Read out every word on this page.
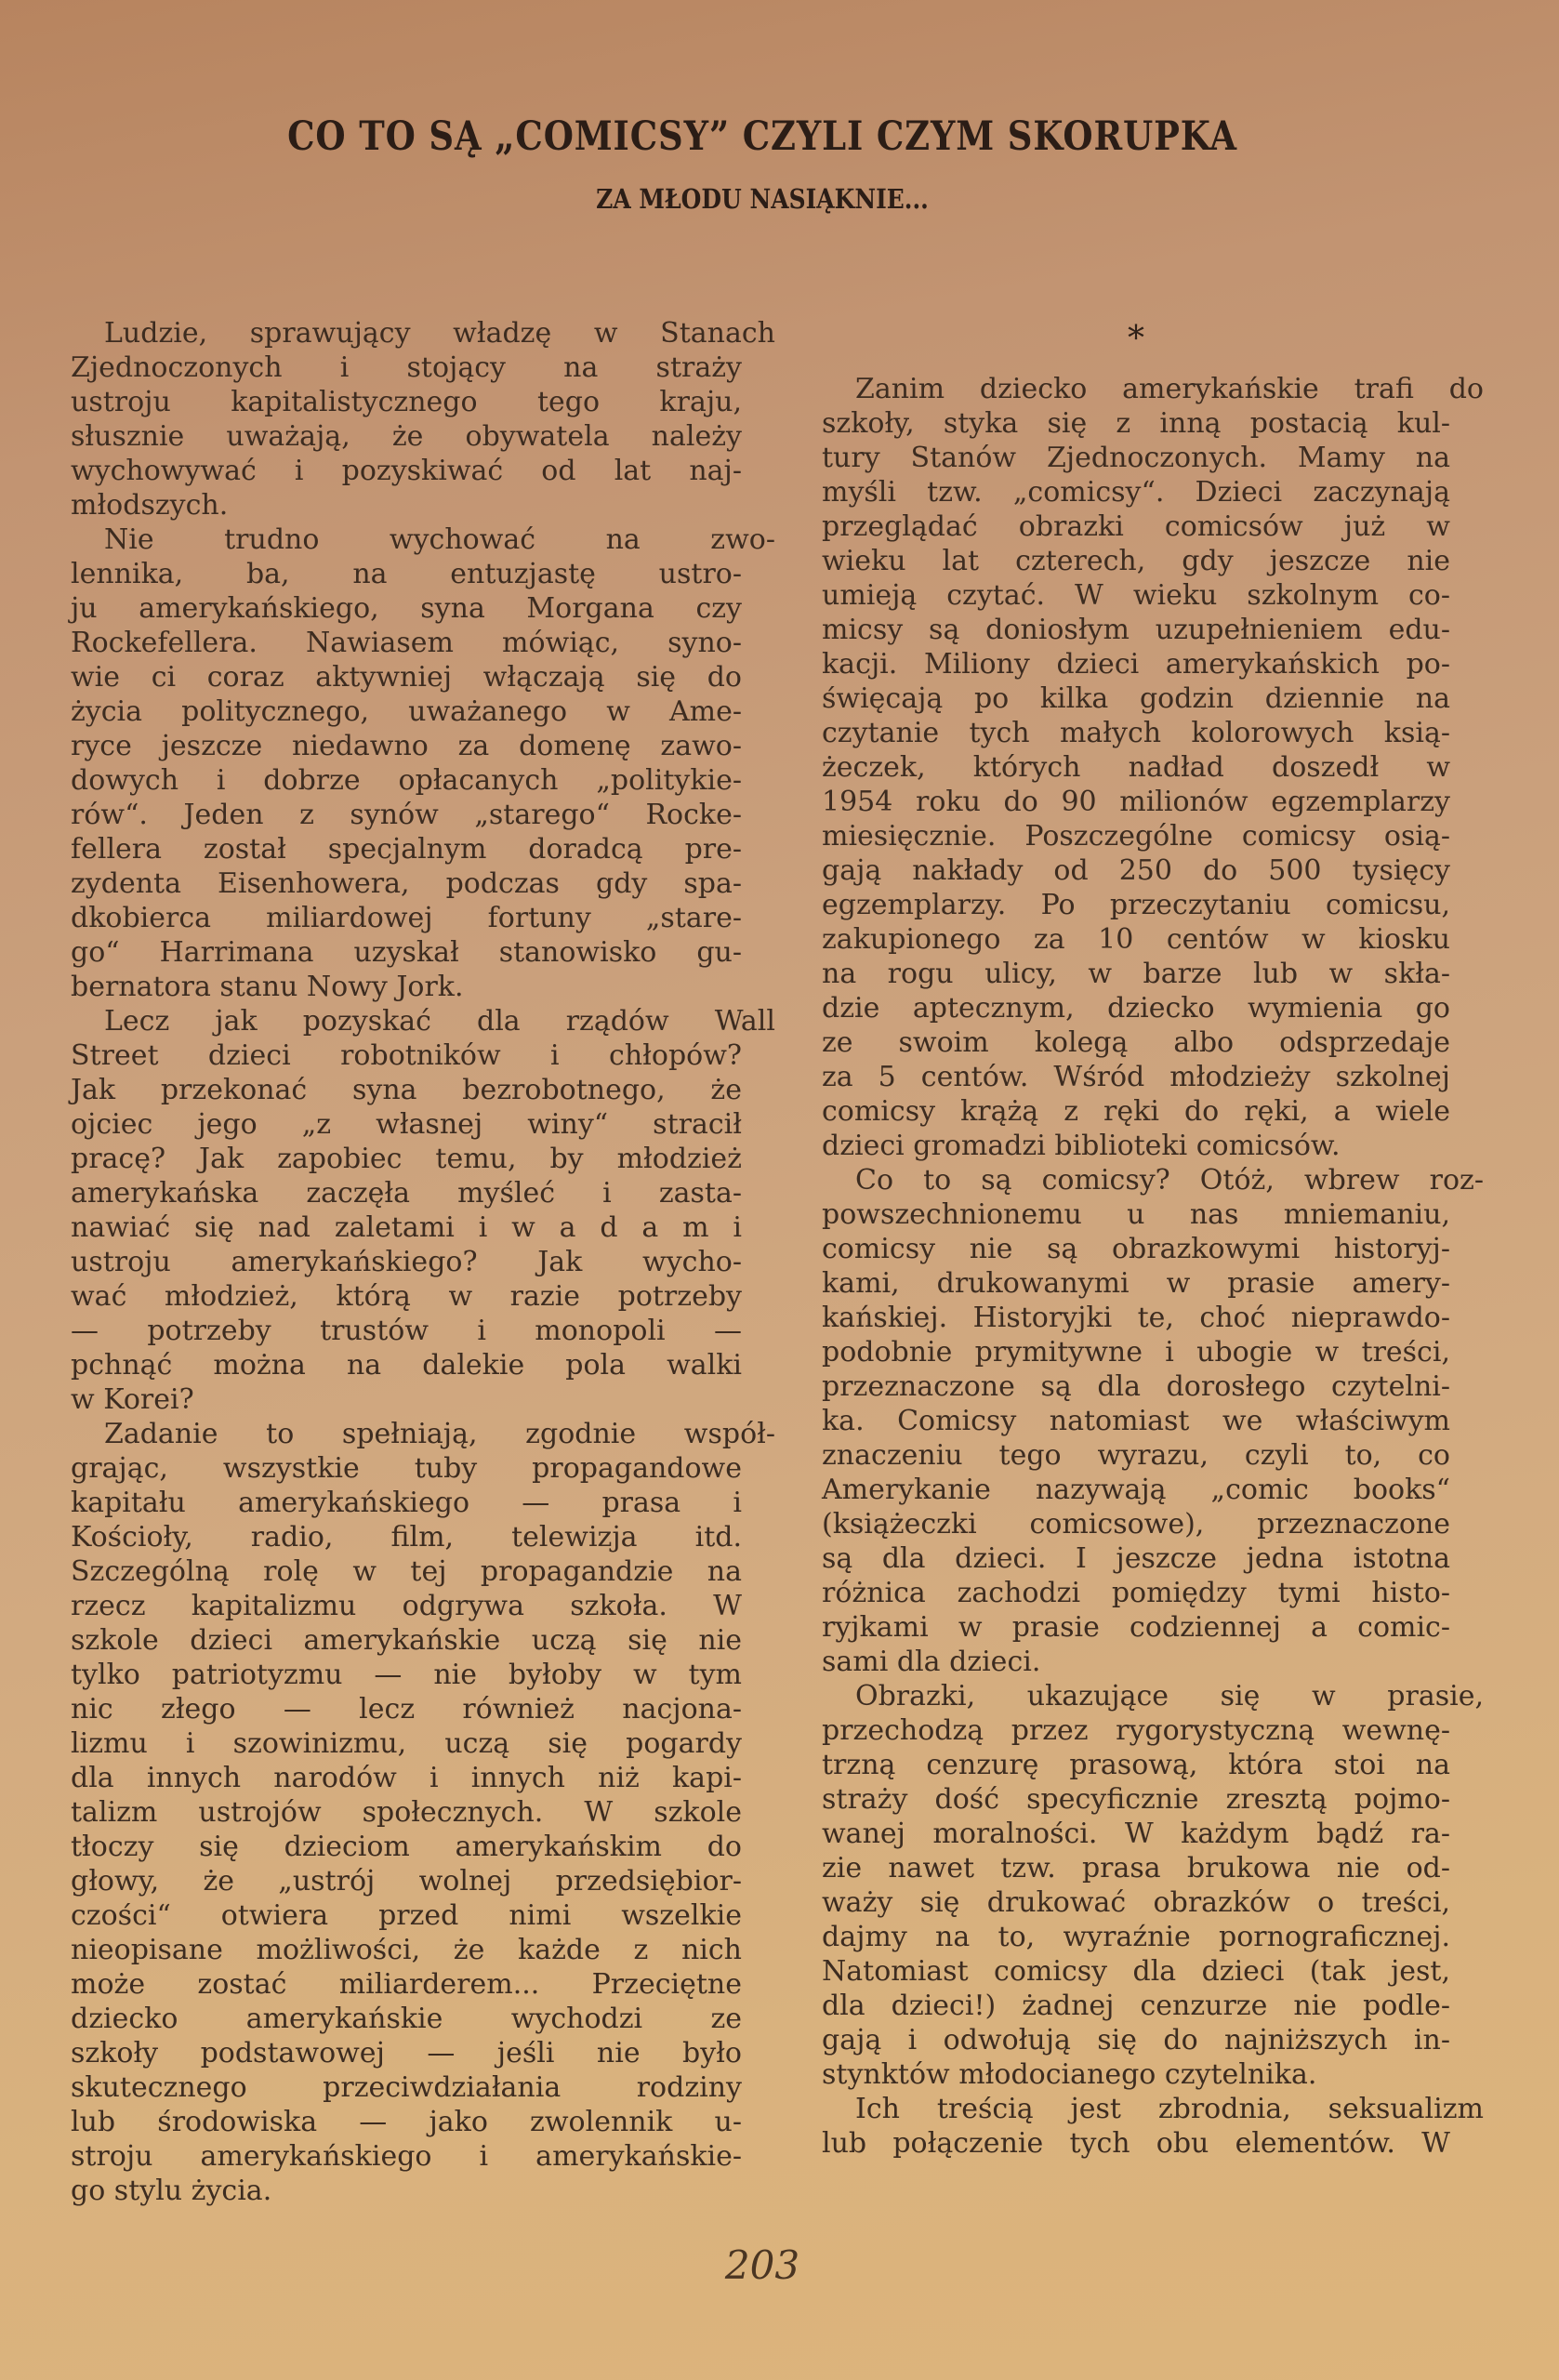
CO TO SĄ „COMICSY” CZYLI CZYM SKORUPKA
ZA MŁODU NASIĄKNIE...
Ludzie, sprawujący władzę w Stanach
Zjednoczonych i stojący na straży
ustroju kapitalistycznego tego kraju,
słusznie uważają, że obywatela należy
wychowywać i pozyskiwać od lat naj-
młodszych.
Nie trudno wychować na zwo-
lennika, ba, na entuzjastę ustro-
ju amerykańskiego, syna Morgana czy
Rockefellera. Nawiasem mówiąc, syno-
wie ci coraz aktywniej włączają się do
życia politycznego, uważanego w Ame-
ryce jeszcze niedawno za domenę zawo-
dowych i dobrze opłacanych „politykie-
rów“. Jeden z synów „starego“ Rocke-
fellera został specjalnym doradcą pre-
zydenta Eisenhowera, podczas gdy spa-
dkobierca miliardowej fortuny „stare-
go“ Harrimana uzyskał stanowisko gu-
bernatora stanu Nowy Jork.
Lecz jak pozyskać dla rządów Wall
Street dzieci robotników i chłopów?
Jak przekonać syna bezrobotnego, że
ojciec jego „z własnej winy“ stracił
pracę? Jak zapobiec temu, by młodzież
amerykańska zaczęła myśleć i zasta-
nawiać się nad zaletami i w a d a m i
ustroju amerykańskiego? Jak wycho-
wać młodzież, którą w razie potrzeby
— potrzeby trustów i monopoli —
pchnąć można na dalekie pola walki
w Korei?
Zadanie to spełniają, zgodnie współ-
grając, wszystkie tuby propagandowe
kapitału amerykańskiego — prasa i
Kościoły, radio, film, telewizja itd.
Szczególną rolę w tej propagandzie na
rzecz kapitalizmu odgrywa szkoła. W
szkole dzieci amerykańskie uczą się nie
tylko patriotyzmu — nie byłoby w tym
nic złego — lecz również nacjona-
lizmu i szowinizmu, uczą się pogardy
dla innych narodów i innych niż kapi-
talizm ustrojów społecznych. W szkole
tłoczy się dzieciom amerykańskim do
głowy, że „ustrój wolnej przedsiębior-
czości“ otwiera przed nimi wszelkie
nieopisane możliwości, że każde z nich
może zostać miliarderem... Przeciętne
dziecko amerykańskie wychodzi ze
szkoły podstawowej — jeśli nie było
skutecznego przeciwdziałania rodziny
lub środowiska — jako zwolennik u-
stroju amerykańskiego i amerykańskie-
go stylu życia.
*
Zanim dziecko amerykańskie trafi do
szkoły, styka się z inną postacią kul-
tury Stanów Zjednoczonych. Mamy na
myśli tzw. „comicsy“. Dzieci zaczynają
przeglądać obrazki comicsów już w
wieku lat czterech, gdy jeszcze nie
umieją czytać. W wieku szkolnym co-
micsy są doniosłym uzupełnieniem edu-
kacji. Miliony dzieci amerykańskich po-
święcają po kilka godzin dziennie na
czytanie tych małych kolorowych ksią-
żeczek, których nadład doszedł w
1954 roku do 90 milionów egzemplarzy
miesięcznie. Poszczególne comicsy osią-
gają nakłady od 250 do 500 tysięcy
egzemplarzy. Po przeczytaniu comicsu,
zakupionego za 10 centów w kiosku
na rogu ulicy, w barze lub w skła-
dzie aptecznym, dziecko wymienia go
ze swoim kolegą albo odsprzedaje
za 5 centów. Wśród młodzieży szkolnej
comicsy krążą z ręki do ręki, a wiele
dzieci gromadzi biblioteki comicsów.
Co to są comicsy? Otóż, wbrew roz-
powszechnionemu u nas mniemaniu,
comicsy nie są obrazkowymi historyj-
kami, drukowanymi w prasie amery-
kańskiej. Historyjki te, choć nieprawdo-
podobnie prymitywne i ubogie w treści,
przeznaczone są dla dorosłego czytelni-
ka. Comicsy natomiast we właściwym
znaczeniu tego wyrazu, czyli to, co
Amerykanie nazywają „comic books“
(książeczki comicsowe), przeznaczone
są dla dzieci. I jeszcze jedna istotna
różnica zachodzi pomiędzy tymi histo-
ryjkami w prasie codziennej a comic-
sami dla dzieci.
Obrazki, ukazujące się w prasie,
przechodzą przez rygorystyczną wewnę-
trzną cenzurę prasową, która stoi na
straży dość specyficznie zresztą pojmo-
wanej moralności. W każdym bądź ra-
zie nawet tzw. prasa brukowa nie od-
waży się drukować obrazków o treści,
dajmy na to, wyraźnie pornograficznej.
Natomiast comicsy dla dzieci (tak jest,
dla dzieci!) żadnej cenzurze nie podle-
gają i odwołują się do najniższych in-
stynktów młodocianego czytelnika.
Ich treścią jest zbrodnia, seksualizm
lub połączenie tych obu elementów. W
203
